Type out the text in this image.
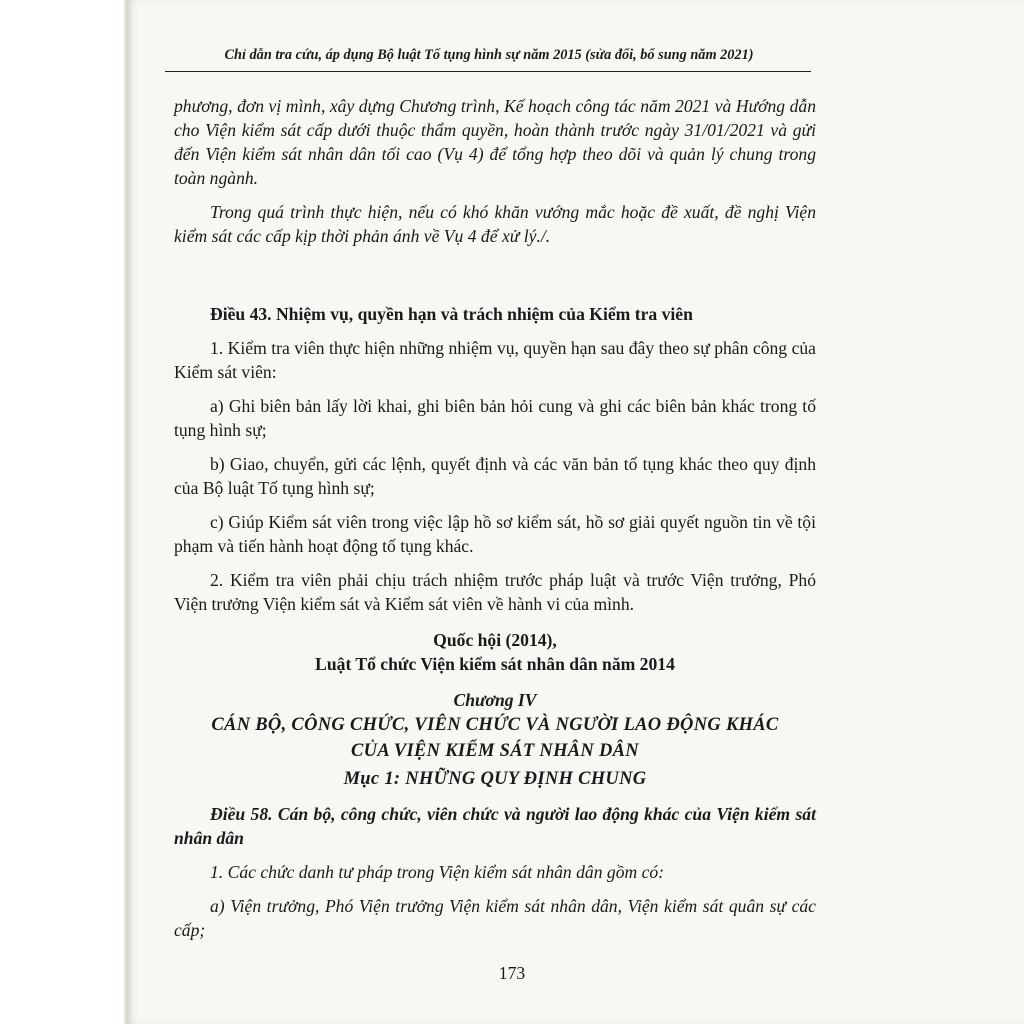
Chỉ dẫn tra cứu, áp dụng Bộ luật Tố tụng hình sự năm 2015 (sửa đổi, bổ sung năm 2021)

phương, đơn vị mình, xây dựng Chương trình, Kế hoạch công tác năm 2021 và Hướng dẫn cho Viện kiểm sát cấp dưới thuộc thẩm quyền, hoàn thành trước ngày 31/01/2021 và gửi đến Viện kiểm sát nhân dân tối cao (Vụ 4) để tổng hợp theo dõi và quản lý chung trong toàn ngành.

Trong quá trình thực hiện, nếu có khó khăn vướng mắc hoặc đề xuất, đề nghị Viện kiểm sát các cấp kịp thời phản ánh về Vụ 4 để xử lý./.

Điều 43. Nhiệm vụ, quyền hạn và trách nhiệm của Kiểm tra viên

1. Kiểm tra viên thực hiện những nhiệm vụ, quyền hạn sau đây theo sự phân công của Kiểm sát viên:

a) Ghi biên bản lấy lời khai, ghi biên bản hỏi cung và ghi các biên bản khác trong tố tụng hình sự;

b) Giao, chuyển, gửi các lệnh, quyết định và các văn bản tố tụng khác theo quy định của Bộ luật Tố tụng hình sự;

c) Giúp Kiểm sát viên trong việc lập hồ sơ kiểm sát, hồ sơ giải quyết nguồn tin về tội phạm và tiến hành hoạt động tố tụng khác.

2. Kiểm tra viên phải chịu trách nhiệm trước pháp luật và trước Viện trưởng, Phó Viện trưởng Viện kiểm sát và Kiểm sát viên về hành vi của mình.

Quốc hội (2014),

Luật Tổ chức Viện kiểm sát nhân dân năm 2014

Chương IV

CÁN BỘ, CÔNG CHỨC, VIÊN CHỨC VÀ NGƯỜI LAO ĐỘNG KHÁC

CỦA VIỆN KIỂM SÁT NHÂN DÂN

Mục 1: NHỮNG QUY ĐỊNH CHUNG

Điều 58. Cán bộ, công chức, viên chức và người lao động khác của Viện kiểm sát nhân dân

1. Các chức danh tư pháp trong Viện kiểm sát nhân dân gồm có:

a) Viện trưởng, Phó Viện trưởng Viện kiểm sát nhân dân, Viện kiểm sát quân sự các cấp;

173
